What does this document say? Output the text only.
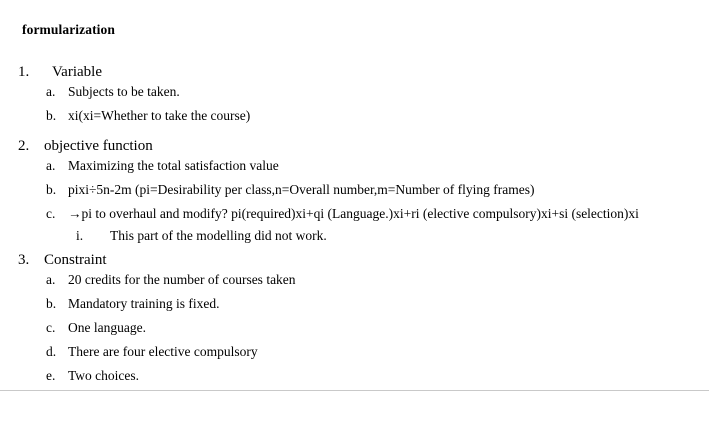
formularization
1.	Variable
a. Subjects to be taken.
b. xi(xi=Whether to take the course)
2. objective function
a. Maximizing the total satisfaction value
b. pixi÷5n-2m (pi=Desirability per class,n=Overall number,m=Number of flying frames)
c. →pi to overhaul and modify? pi(required)xi+qi (Language.)xi+ri (elective compulsory)xi+si (selection)xi
i.	This part of the modelling did not work.
3. Constraint
a. 20 credits for the number of courses taken
b. Mandatory training is fixed.
c. One language.
d. There are four elective compulsory
e. Two choices.
